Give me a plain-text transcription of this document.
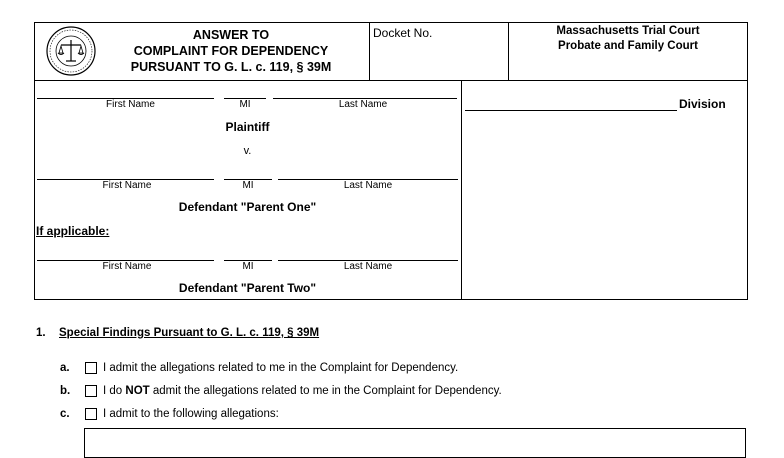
ANSWER TO
COMPLAINT FOR DEPENDENCY
PURSUANT TO G. L. c. 119, § 39M
Docket No.	Massachusetts Trial Court
Probate and Family Court
First Name	MI	Last Name
Plaintiff
v.
First Name	MI	Last Name
Defendant "Parent One"
If applicable:
First Name	MI	Last Name
Defendant "Parent Two"
Division
1. Special Findings Pursuant to G. L. c. 119, § 39M
a.	I admit the allegations related to me in the Complaint for Dependency.
b.	I do NOT admit the allegations related to me in the Complaint for Dependency.
c.	I admit to the following allegations:
